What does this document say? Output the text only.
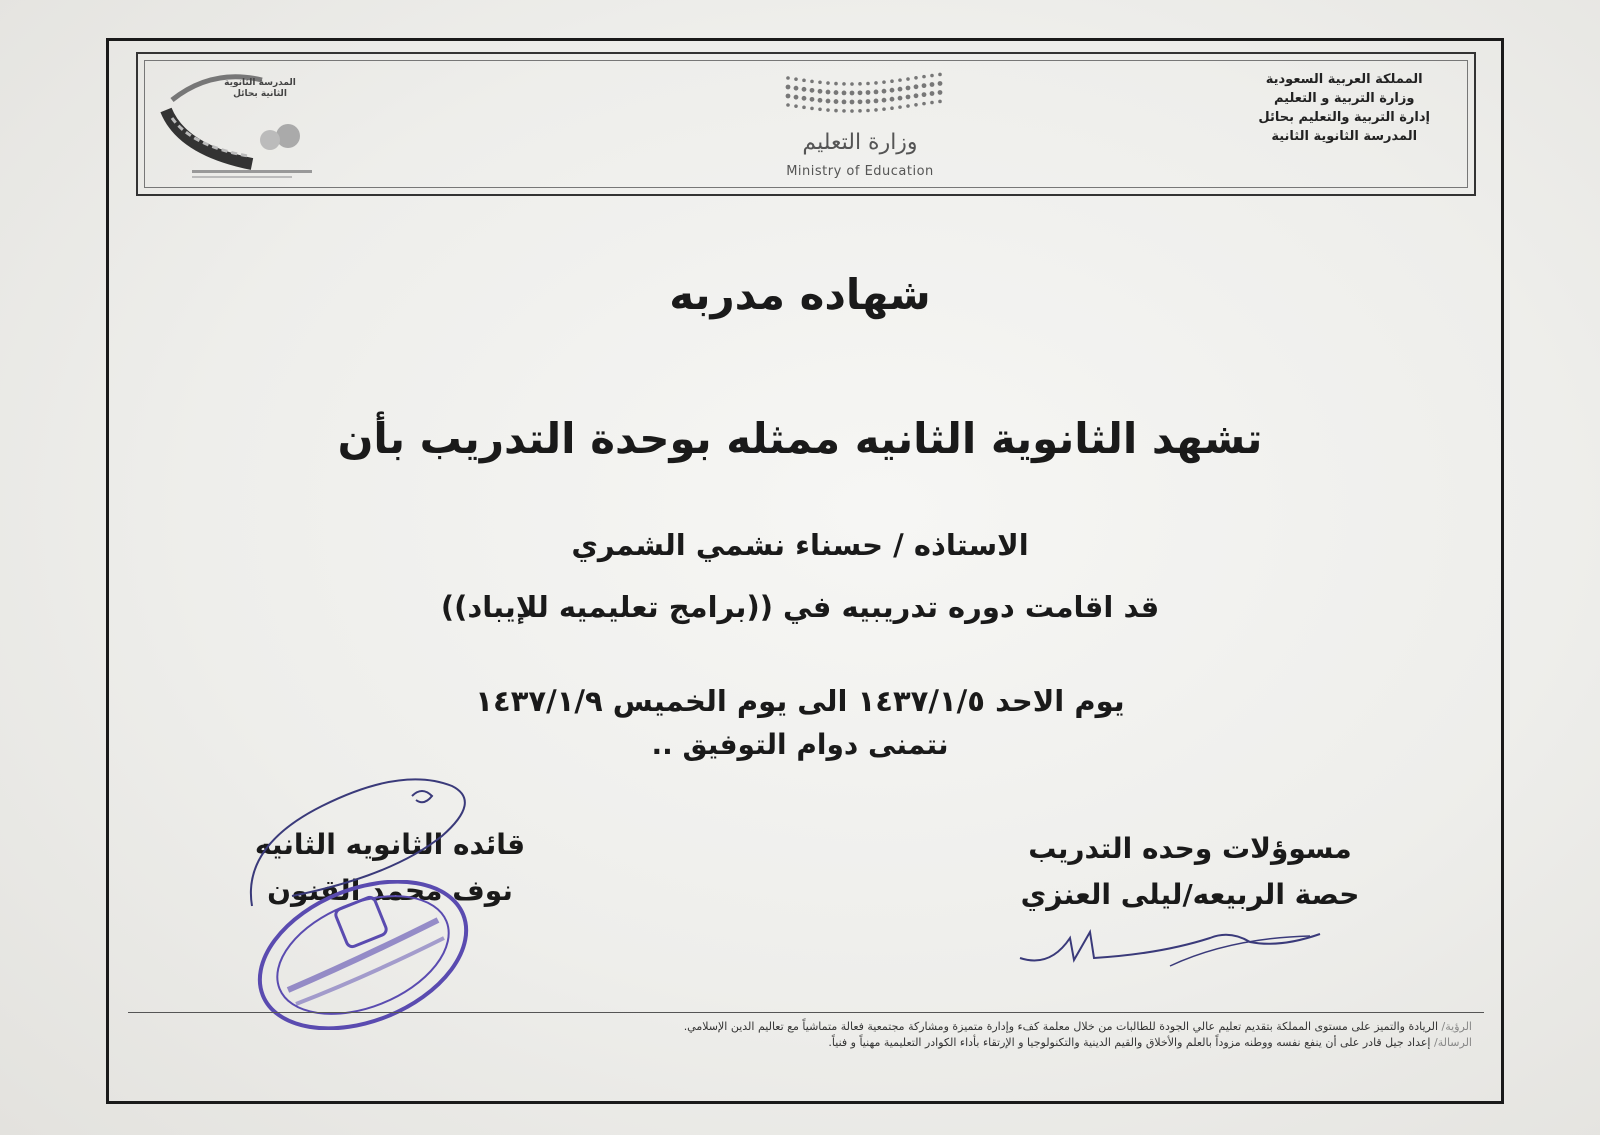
المدرسة الثانوية الثانية بحائل
وزارة التعليم
Ministry of Education
المملكة العربية السعودية
وزارة التربية و التعليم
إدارة التربية والتعليم بحائل
المدرسة الثانوية الثانية
شهاده مدربه
تشهد الثانوية الثانيه ممثله بوحدة التدريب بأن
الاستاذه / حسناء نشمي الشمري
قد اقامت دوره تدريبيه في ((برامج تعليميه للإيباد))
يوم الاحد ١٤٣٧/١/٥ الى يوم الخميس ١٤٣٧/١/٩
نتمنى دوام التوفيق ..
قائده الثانويه الثانيه
نوف محمد القنون
مسوؤلات وحده التدريب
حصة الربيعه/ليلى العنزي

الرؤية/ الريادة والتميز على مستوى المملكة بتقديم تعليم عالي الجودة للطالبات من خلال معلمة كفء وإدارة متميزة ومشاركة مجتمعية فعالة متماشياً مع تعاليم الدين الإسلامي.

الرسالة/ إعداد جيل قادر على أن ينفع نفسه ووطنه مزوداً بالعلم والأخلاق والقيم الدينية والتكنولوجيا و الإرتقاء بأداء الكوادر التعليمية مهنياً و فنياً.
